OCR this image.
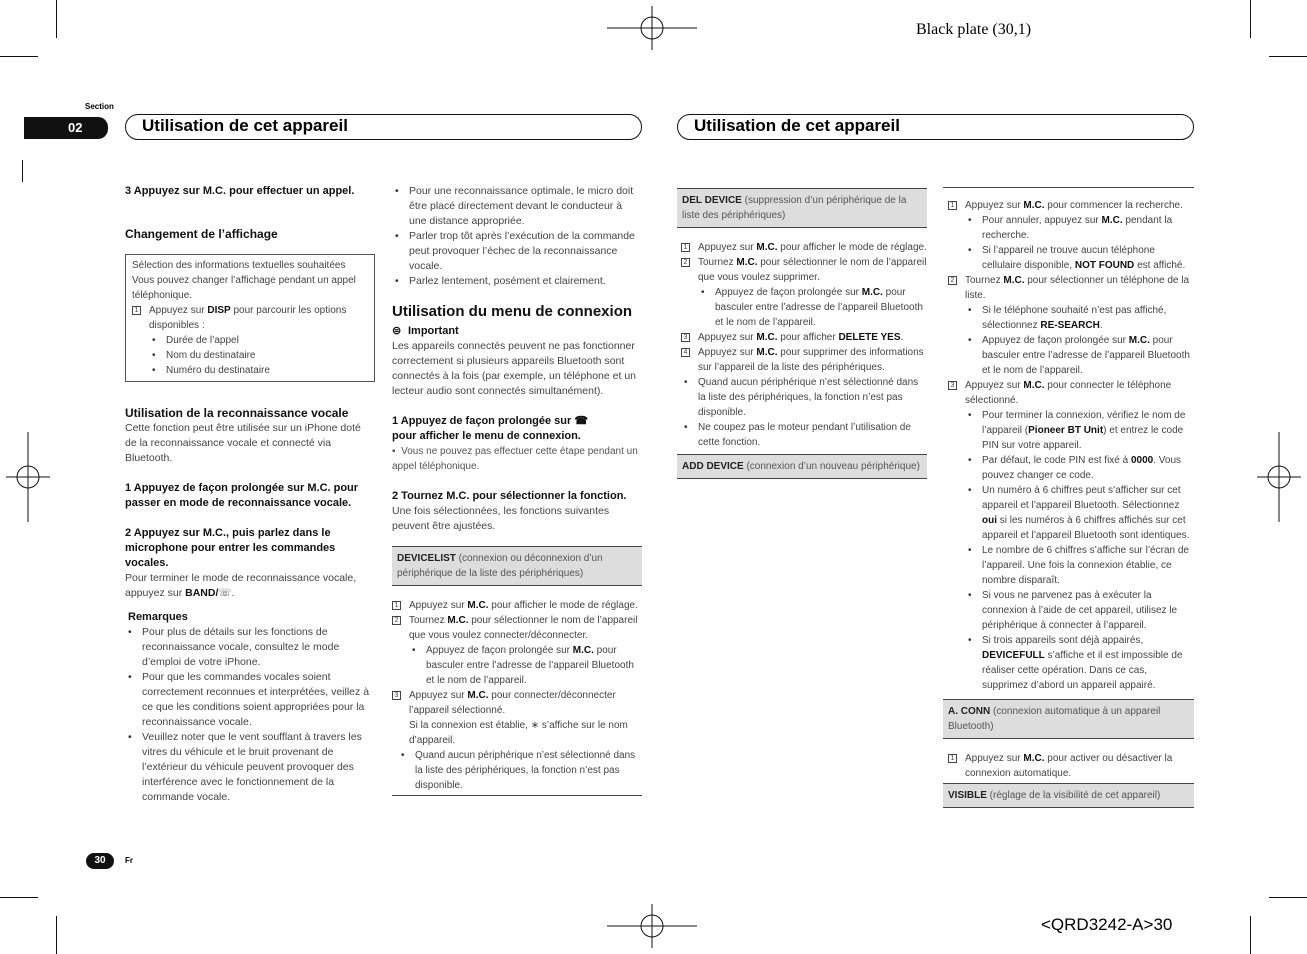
Black plate (30,1)
Section
02	Utilisation de cet appareil	Utilisation de cet appareil

3 Appuyez sur M.C. pour effectuer un appel.

Changement de l’affichage

Sélection des informations textuelles souhaitées

Vous pouvez changer l’affichage pendant un appel téléphonique.

1 Appuyez sur DISP pour parcourir les options disponibles :

• Durée de l’appel
• Nom du destinataire
• Numéro du destinataire

Utilisation de la reconnaissance vocale

Cette fonction peut être utilisée sur un iPhone doté de la reconnaissance vocale et connecté via Bluetooth.

1 Appuyez de façon prolongée sur M.C. pour passer en mode de reconnaissance vocale.

2 Appuyez sur M.C., puis parlez dans le microphone pour entrer les commandes vocales.

Pour terminer le mode de reconnaissance vocale, appuyez sur BAND/☏.

Remarques

• Pour plus de détails sur les fonctions de reconnaissance vocale, consultez le mode d’emploi de votre iPhone.
• Pour que les commandes vocales soient correctement reconnues et interprétées, veillez à ce que les conditions soient appropriées pour la reconnaissance vocale.
• Veuillez noter que le vent soufflant à travers les vitres du véhicule et le bruit provenant de l’extérieur du véhicule peuvent provoquer des interférence avec le fonctionnement de la commande vocale.
• Pour une reconnaissance optimale, le micro doit être placé directement devant le conducteur à une distance appropriée.
• Parler trop tôt après l’exécution de la commande peut provoquer l’échec de la reconnaissance vocale.
• Parlez lentement, posément et clairement.

Utilisation du menu de connexion

⊜ Important

Les appareils connectés peuvent ne pas fonctionner correctement si plusieurs appareils Bluetooth sont connectés à la fois (par exemple, un téléphone et un lecteur audio sont connectés simultanément).

1 Appuyez de façon prolongée sur ☎
pour afficher le menu de connexion.

▪  Vous ne pouvez pas effectuer cette étape pendant un appel téléphonique.

2 Tournez M.C. pour sélectionner la fonction.

Une fois sélectionnées, les fonctions suivantes peuvent être ajustées.

DEVICELIST (connexion ou déconnexion d’un périphérique de la liste des périphériques)

1 Appuyez sur M.C. pour afficher le mode de réglage.

2 Tournez M.C. pour sélectionner le nom de l’appareil que vous voulez connecter/déconnecter.

• Appuyez de façon prolongée sur M.C. pour basculer entre l’adresse de l’appareil Bluetooth et le nom de l’appareil.

3 Appuyez sur M.C. pour connecter/déconnecter l’appareil sélectionné.

Si la connexion est établie, ∗ s’affiche sur le nom d’appareil.

• Quand aucun périphérique n’est sélectionné dans la liste des périphériques, la fonction n’est pas disponible.
DEL DEVICE (suppression d’un périphérique de la liste des périphériques)

1 Appuyez sur M.C. pour afficher le mode de réglage.

2 Tournez M.C. pour sélectionner le nom de l’appareil que vous voulez supprimer.

• Appuyez de façon prolongée sur M.C. pour basculer entre l’adresse de l’appareil Bluetooth et le nom de l’appareil.

3 Appuyez sur M.C. pour afficher DELETE YES.

4 Appuyez sur M.C. pour supprimer des informations sur l’appareil de la liste des périphériques.

• Quand aucun périphérique n’est sélectionné dans la liste des périphériques, la fonction n’est pas disponible.
• Ne coupez pas le moteur pendant l’utilisation de cette fonction.
ADD DEVICE (connexion d’un nouveau périphérique)

1 Appuyez sur M.C. pour commencer la recherche.

• Pour annuler, appuyez sur M.C. pendant la recherche.
• Si l’appareil ne trouve aucun téléphone cellulaire disponible, NOT FOUND est affiché.

2 Tournez M.C. pour sélectionner un téléphone de la liste.

• Si le téléphone souhaité n’est pas affiché, sélectionnez RE-SEARCH.
• Appuyez de façon prolongée sur M.C. pour basculer entre l’adresse de l’appareil Bluetooth et le nom de l’appareil.

3 Appuyez sur M.C. pour connecter le téléphone sélectionné.

• Pour terminer la connexion, vérifiez le nom de l’appareil (Pioneer BT Unit) et entrez le code PIN sur votre appareil.
• Par défaut, le code PIN est fixé à 0000. Vous pouvez changer ce code.
• Un numéro à 6 chiffres peut s’afficher sur cet appareil et l’appareil Bluetooth. Sélectionnez oui si les numéros à 6 chiffres affichés sur cet appareil et l’appareil Bluetooth sont identiques.
• Le nombre de 6 chiffres s’affiche sur l’écran de l’appareil. Une fois la connexion établie, ce nombre disparaît.
• Si vous ne parvenez pas à exécuter la connexion à l’aide de cet appareil, utilisez le périphérique à connecter à l’appareil.
• Si trois appareils sont déjà appairés, DEVICEFULL s’affiche et il est impossible de réaliser cette opération. Dans ce cas, supprimez d’abord un appareil appairé.
A. CONN (connexion automatique à un appareil Bluetooth)

1 Appuyez sur M.C. pour activer ou désactiver la connexion automatique.

VISIBLE (réglage de la visibilité de cet appareil)
30	Fr
<QRD3242-A>30
